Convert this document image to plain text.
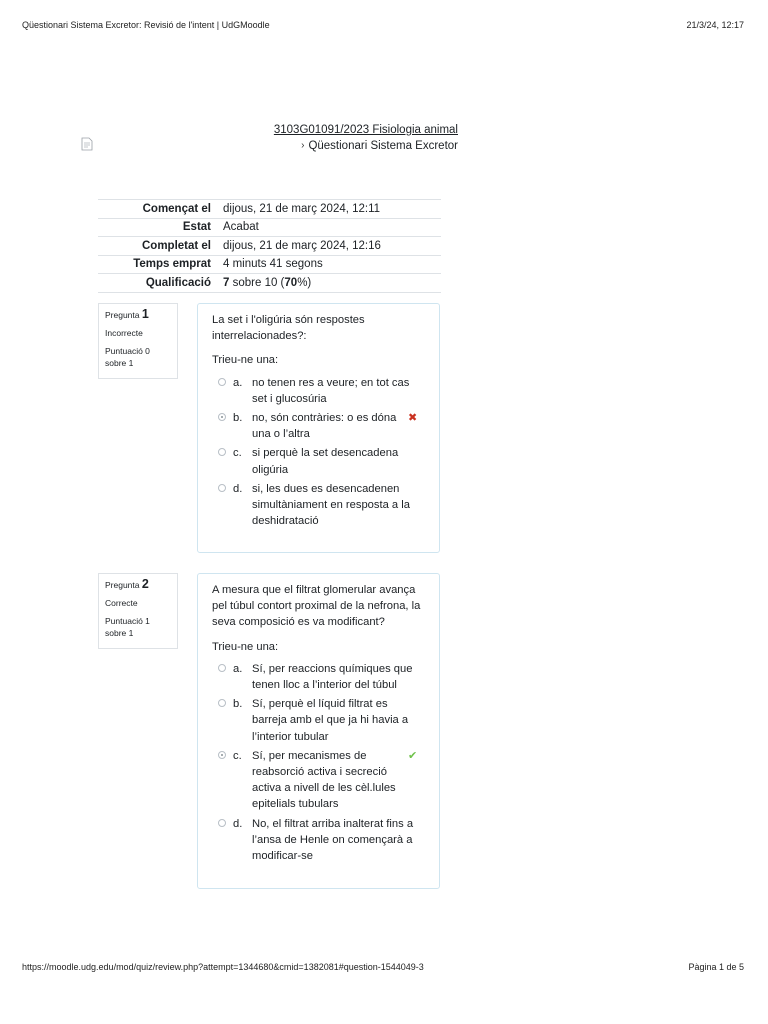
Qüestionari Sistema Excretor: Revisió de l'intent | UdGMoodle	21/3/24, 12:17
3103G01091/2023 Fisiologia animal
› Qüestionari Sistema Excretor
Començat el	dijous, 21 de març 2024, 12:11
Estat	Acabat
Completat el	dijous, 21 de març 2024, 12:16
Temps emprat	4 minuts 41 segons
Qualificació	7 sobre 10 (70%)
Pregunta 1
Incorrecte
Puntuació 0 sobre 1
La set i l'oligúria són respostes interrelacionades?:
Trieu-ne una:
a. no tenen res a veure; en tot cas set i glucosúria
b. no, són contràries: o es dóna una o l’altra
✖
c. si perquè la set desencadena oligúria
d. si, les dues es desencadenen simultàniament en resposta a la deshidratació
Pregunta 2
Correcte
Puntuació 1 sobre 1
A mesura que el filtrat glomerular avança pel túbul contort proximal de la nefrona, la seva composició es va modificant?
Trieu-ne una:
a. Sí, per reaccions químiques que tenen lloc a l’interior del túbul
b. Sí, perquè el líquid filtrat es barreja amb el que ja hi havia a l’interior tubular
c. Sí, per mecanismes de reabsorció activa i secreció activa a nivell de les cèl.lules epitelials tubulars
✔
d. No, el filtrat arriba inalterat fins a l’ansa de Henle on començarà a modificar-se
https://moodle.udg.edu/mod/quiz/review.php?attempt=1344680&cmid=1382081#question-1544049-3	Pàgina 1 de 5
